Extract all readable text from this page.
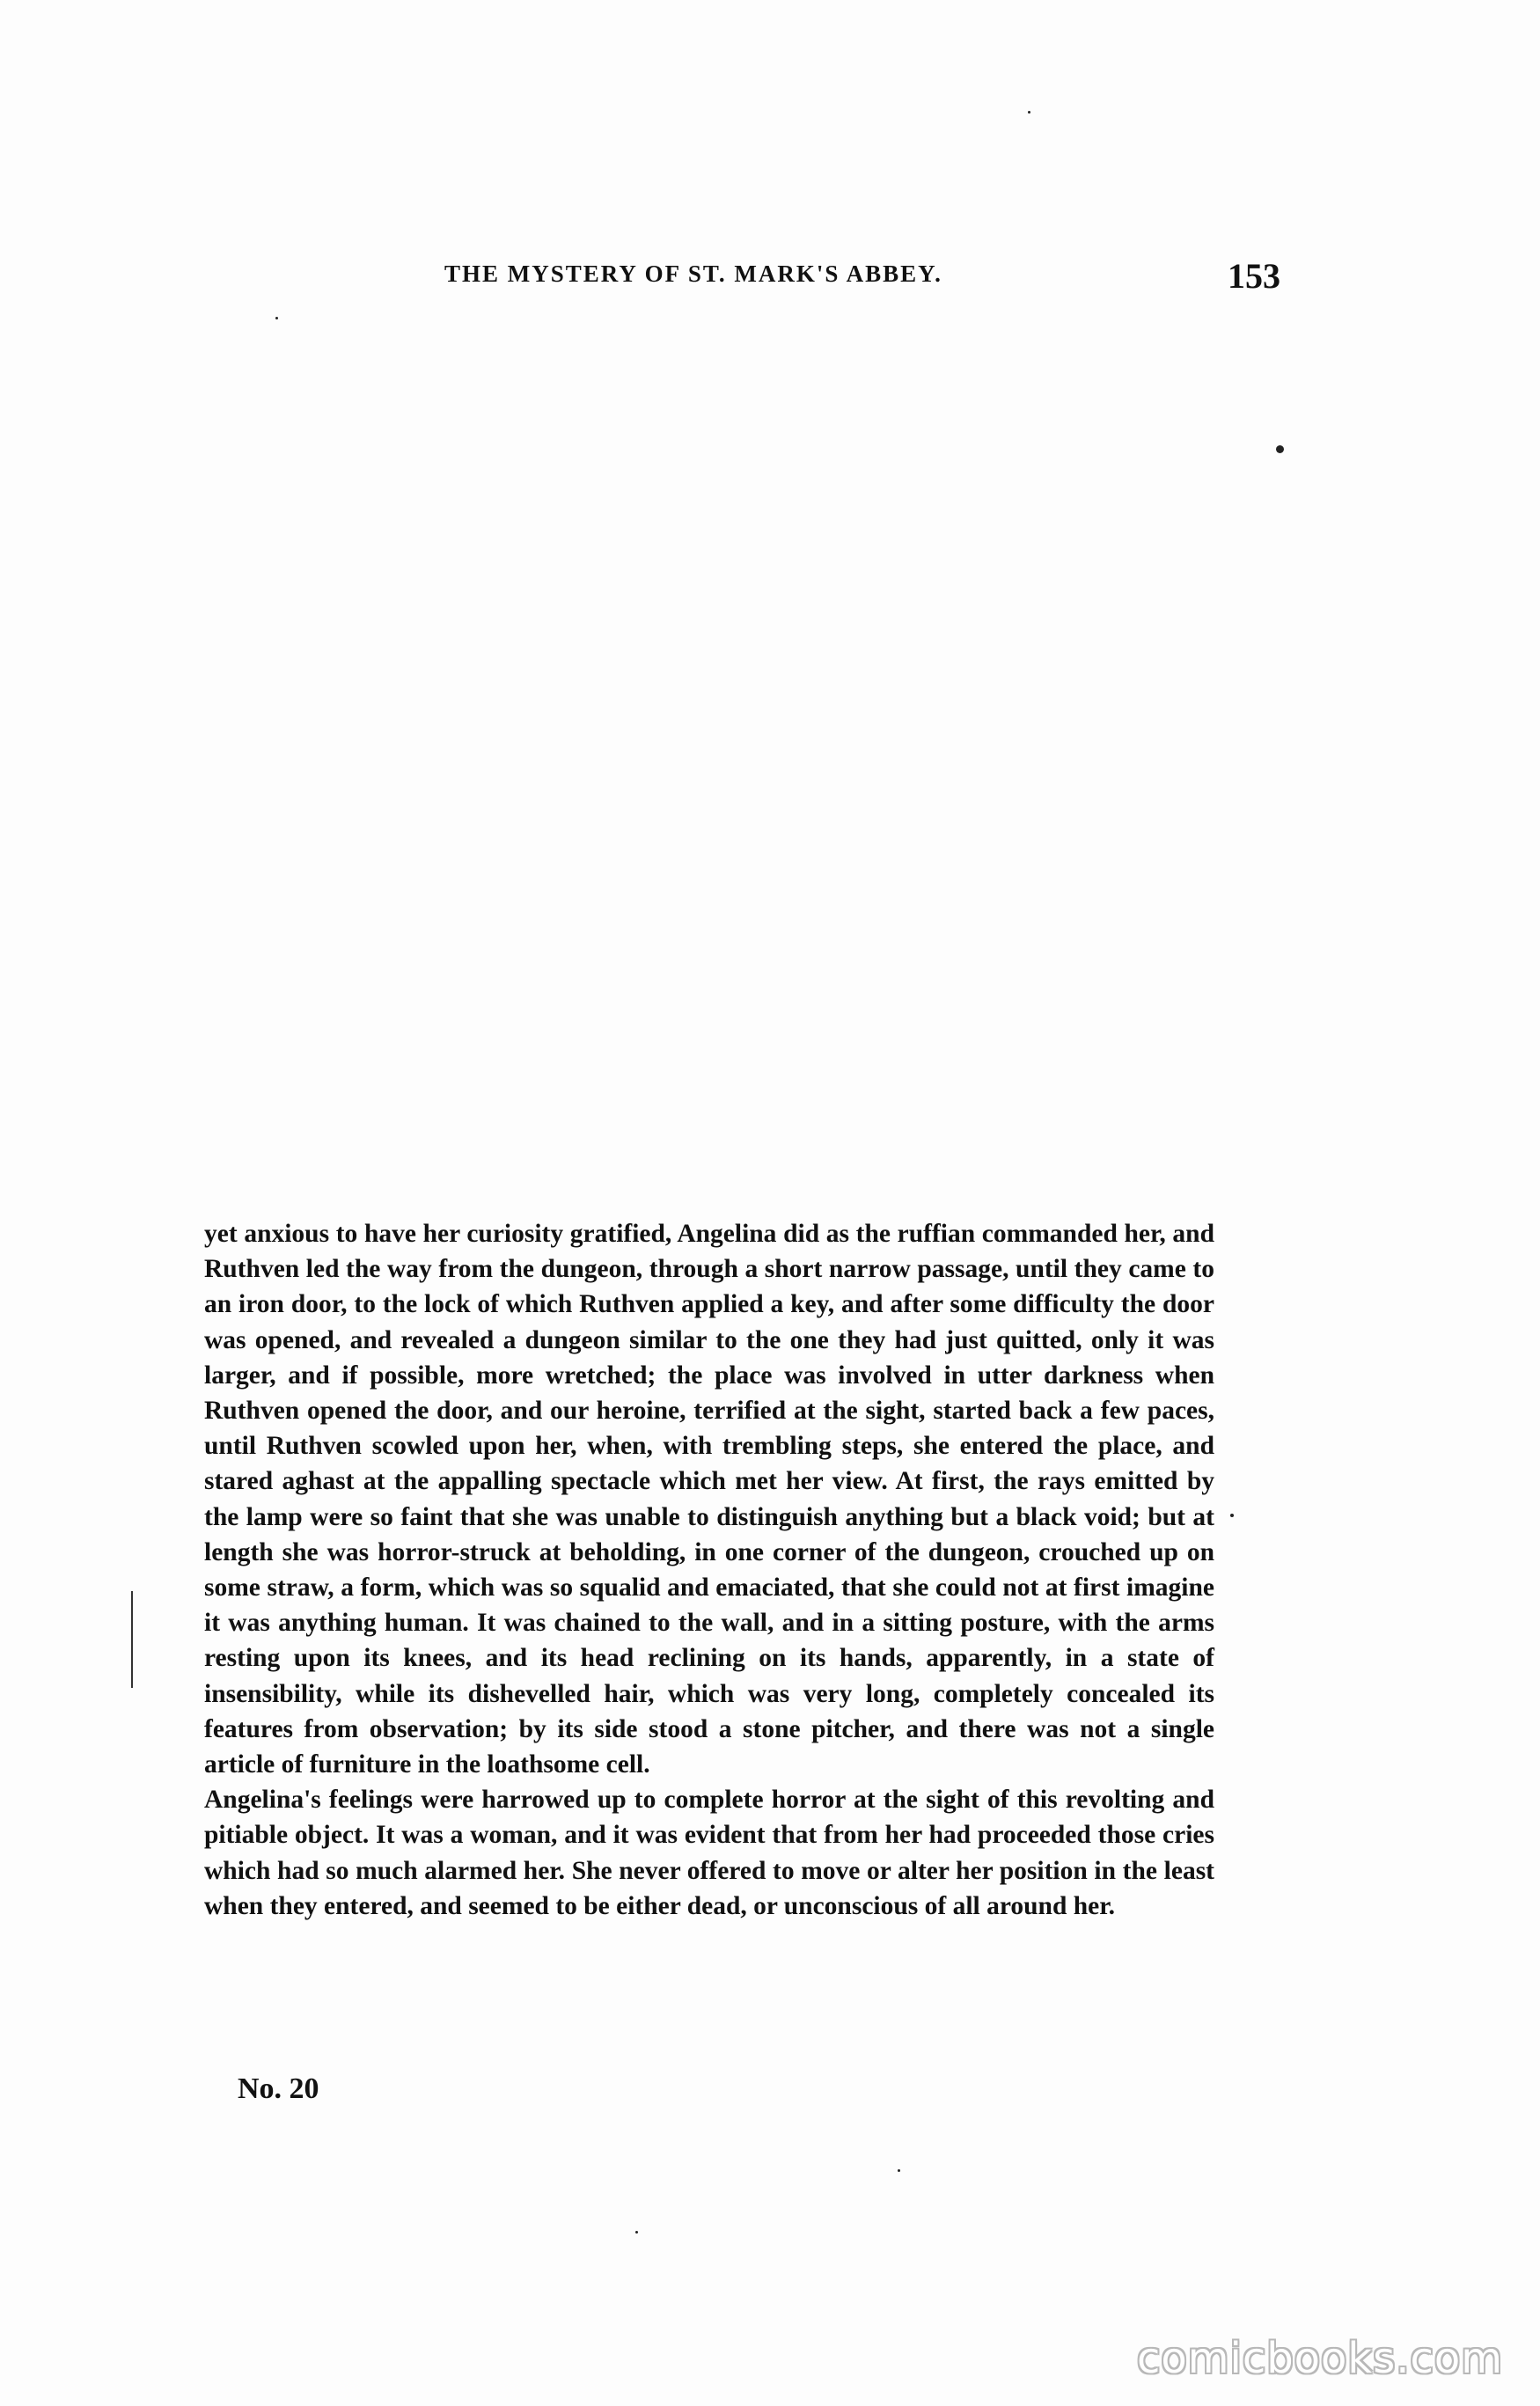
THE MYSTERY OF ST. MARK'S ABBEY.	153

yet anxious to have her curiosity gratified, Angelina did as the ruffian commanded her, and Ruthven led the way from the dungeon, through a short narrow passage, until they came to an iron door, to the lock of which Ruthven applied a key, and after some difficulty the door was opened, and revealed a dungeon similar to the one they had just quitted, only it was larger, and if possible, more wretched; the place was involved in utter darkness when Ruthven opened the door, and our heroine, terrified at the sight, started back a few paces, until Ruthven scowled upon her, when, with trembling steps, she entered the place, and stared aghast at the appalling spectacle which met her view. At first, the rays emitted by the lamp were so faint that she was unable to distinguish anything but a black void; but at length she was horror-struck at beholding, in one corner of the dungeon, crouched up on some straw, a form, which was so squalid and emaciated, that she could not at first imagine it was anything human. It was chained to the wall, and in a sitting posture, with the arms resting upon its knees, and its head reclining on its hands, apparently, in a state of insensibility, while its dishevelled hair, which was very long, completely concealed its features from observation; by its side stood a stone pitcher, and there was not a single article of furniture in the loathsome cell.

Angelina's feelings were harrowed up to complete horror at the sight of this revolting and pitiable object. It was a woman, and it was evident that from her had proceeded those cries which had so much alarmed her. She never offered to move or alter her position in the least when they entered, and seemed to be either dead, or unconscious of all around her.

No. 20
comicbooks.com
